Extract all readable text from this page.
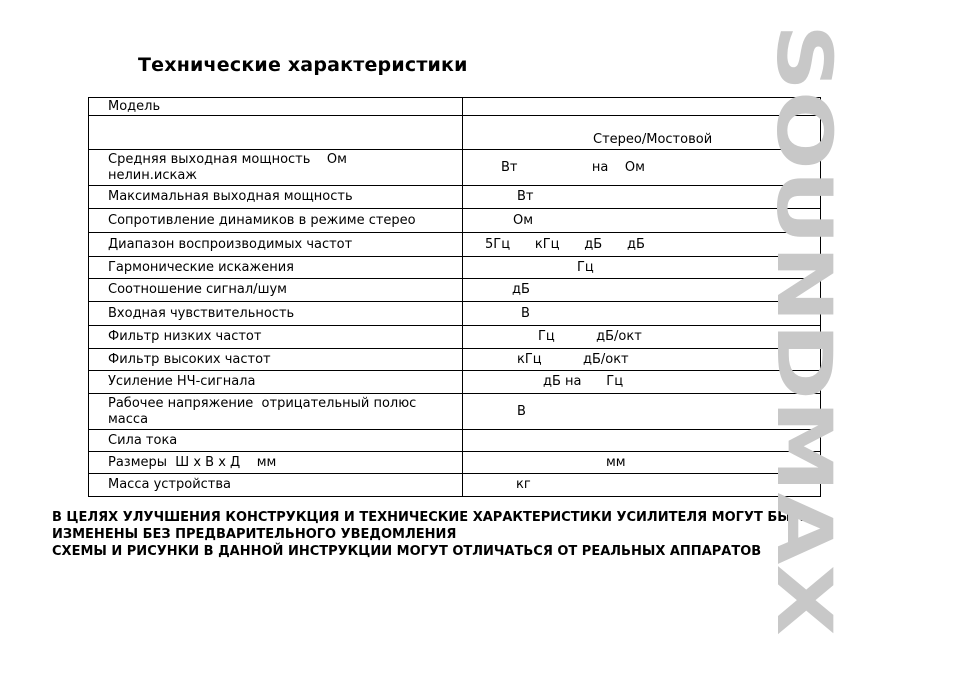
Технические характеристики
Модель	
	Стерео/Мостовой
Средняя выходная мощность    Ом
нелин.искаж	Вт                  на    Ом
Максимальная выходная мощность	Вт
Сопротивление динамиков в режиме стерео	Ом
Диапазон воспроизводимых частот	5Гц      кГц      дБ      дБ
Гармонические искажения	Гц
Соотношение сигнал/шум	дБ
Входная чувствительность	В
Фильтр низких частот	Гц          дБ/окт
Фильтр высоких частот	кГц          дБ/окт
Усиление НЧ-сигнала	дБ на      Гц
Рабочее напряжение  отрицательный полюс
масса	В
Сила тока	
Размеры  Ш х В х Д    мм	мм
Масса устройства	кг
В ЦЕЛЯХ УЛУЧШЕНИЯ КОНСТРУКЦИЯ И ТЕХНИЧЕСКИЕ ХАРАКТЕРИСТИКИ УСИЛИТЕЛЯ МОГУТ БЫТЬ
ИЗМЕНЕНЫ БЕЗ ПРЕДВАРИТЕЛЬНОГО УВЕДОМЛЕНИЯ
СХЕМЫ И РИСУНКИ В ДАННОЙ ИНСТРУКЦИИ МОГУТ ОТЛИЧАТЬСЯ ОТ РЕАЛЬНЫХ АППАРАТОВ
SOUNDMAX
